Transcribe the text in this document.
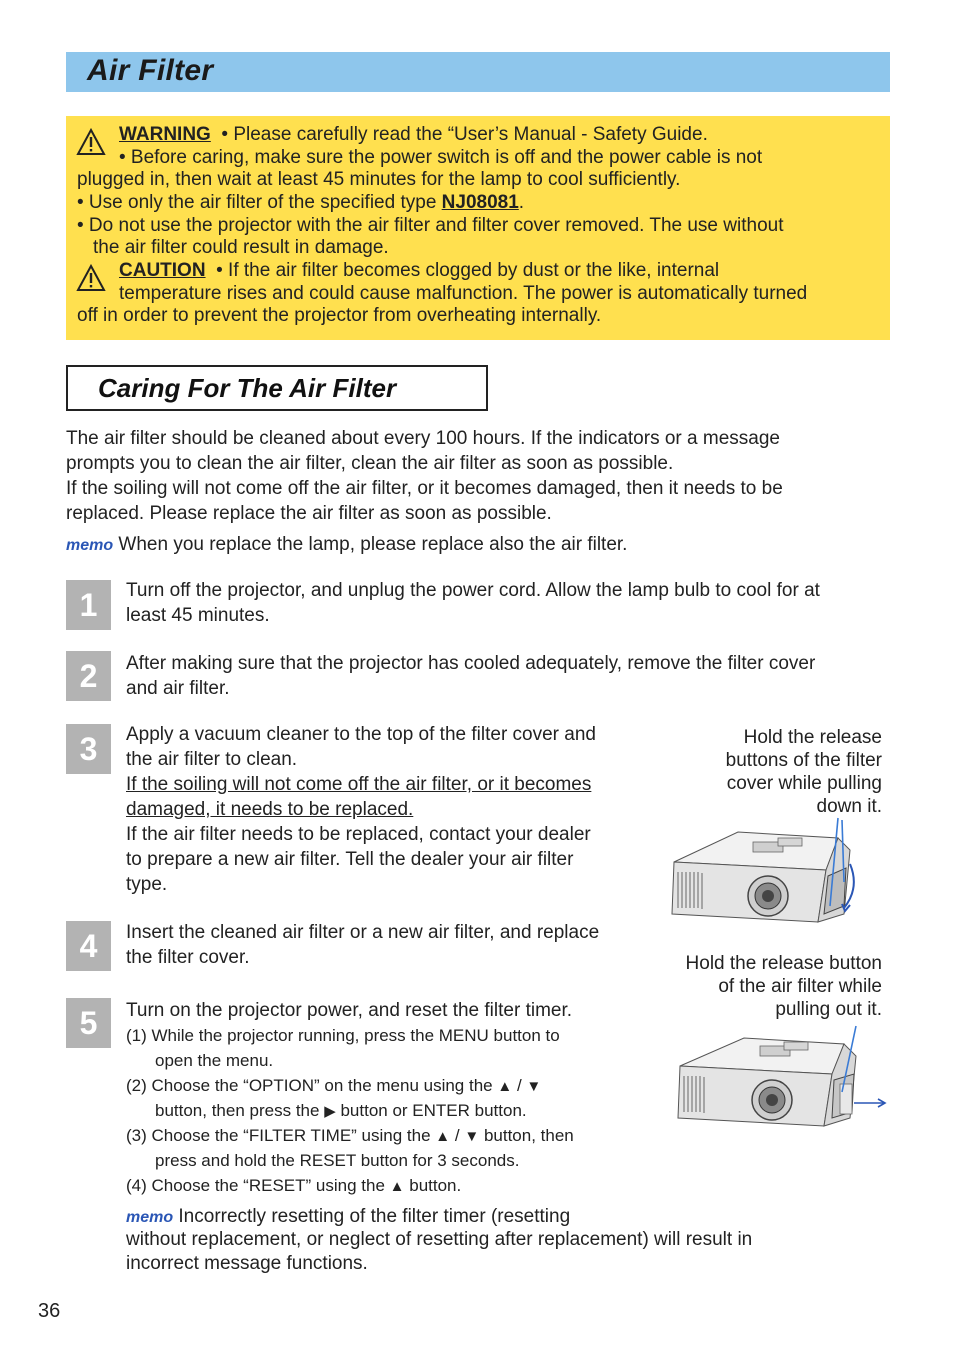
Air Filter
WARNING • Please carefully read the “User’s Manual - Safety Guide.
• Before caring, make sure the power switch is off and the power cable is not
plugged in, then wait at least 45 minutes for the lamp to cool sufficiently.
• Use only the air filter of the specified type NJ08081.
• Do not use the projector with the air filter and filter cover removed. The use without
the air filter could result in damage.
CAUTION • If the air filter becomes clogged by dust or the like, internal
temperature rises and could cause malfunction. The power is automatically turned
off in order to prevent the projector from overheating internally.
Caring For The Air Filter
The air filter should be cleaned about every 100 hours. If the indicators or a message
prompts you to clean the air filter, clean the air filter as soon as possible.
If the soiling will not come off the air filter, or it becomes damaged, then it needs to be
replaced. Please replace the air filter as soon as possible.
memo When you replace the lamp, please replace also the air filter.
1	Turn off the projector, and unplug the power cord. Allow the lamp bulb to cool for at
least 45 minutes.
2	After making sure that the projector has cooled adequately, remove the filter cover
and air filter.
3	Apply a vacuum cleaner to the top of the filter cover and
the air filter to clean.
If the soiling will not come off the air filter, or it becomes
damaged, it needs to be replaced.
If the air filter needs to be replaced, contact your dealer
to prepare a new air filter. Tell the dealer your air filter
type.
4	Insert the cleaned air filter or a new air filter, and replace
the filter cover.
5	Turn on the projector power, and reset the filter timer.
(1) While the projector running, press the MENU button to
open the menu.
(2) Choose the “OPTION” on the menu using the ▲ / ▼
button, then press the ▶ button or ENTER button.
(3) Choose the “FILTER TIME” using the ▲ / ▼ button, then
press and hold the RESET button for 3 seconds.
(4) Choose the “RESET” using the ▲ button.
memo Incorrectly resetting of the filter timer (resetting
without replacement, or neglect of resetting after replacement) will result in
incorrect message functions.
Hold the release
buttons of the filter
cover while pulling
down it.
Hold the release button
of the air filter while
pulling out it.
36
